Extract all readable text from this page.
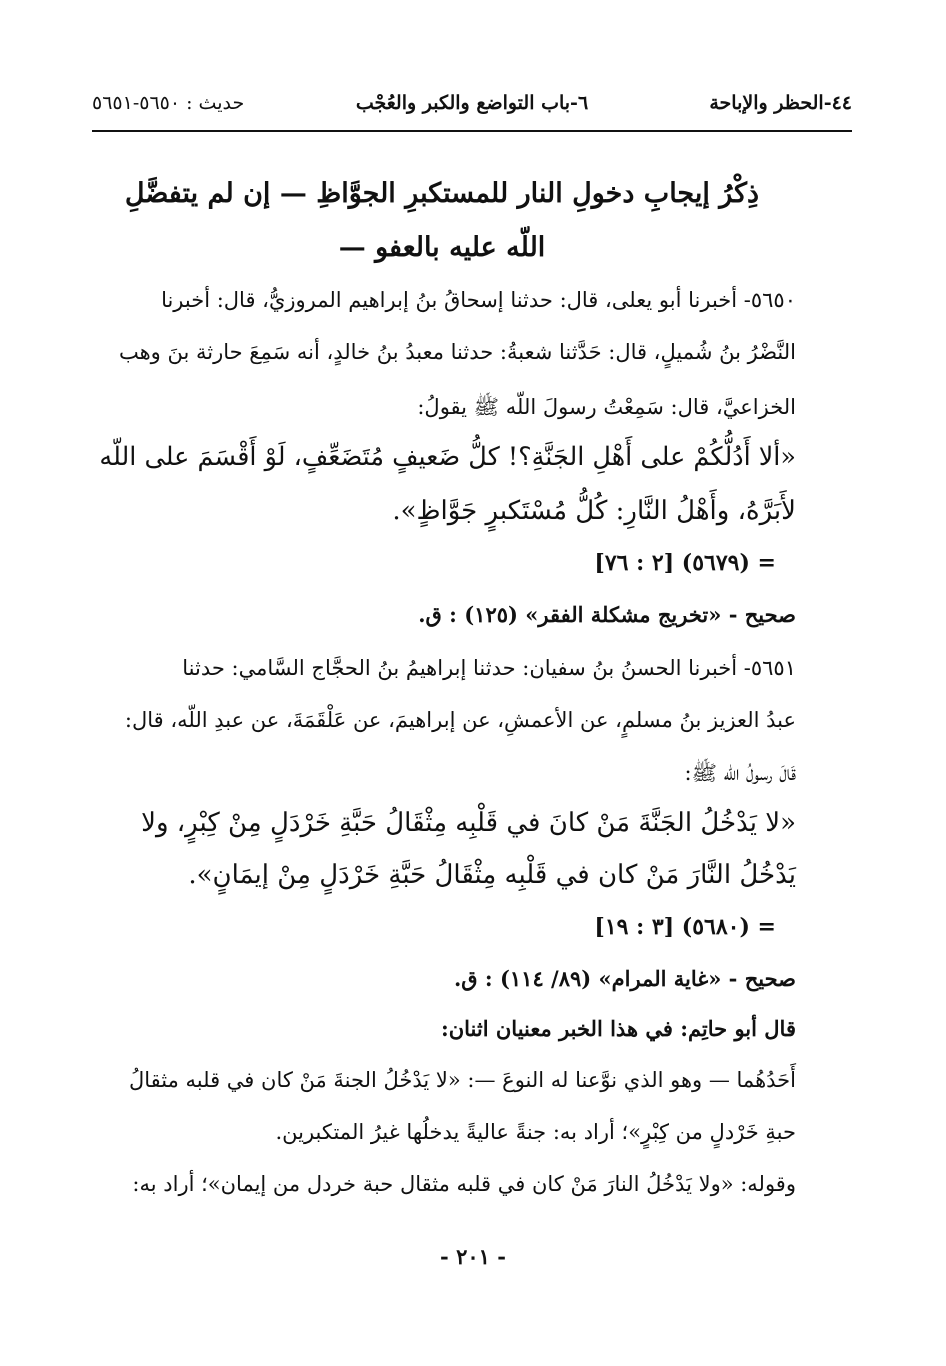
٤٤-الحظر والإباحة
٦-باب التواضع والكبر والعُجْب
حديث : ٥٦٥٠-٥٦٥١
ذِكْرُ إيجابِ دخولِ النار للمستكبرِ الجوَّاظِ — إن لم يتفضَّلِ
اللّه عليه بالعفو —
٥٦٥٠- أخبرنا أبو يعلى، قال: حدثنا إسحاقُ بنُ إبراهيم المروزيُّ، قال: أخبرنا
النَّضْرُ بنُ شُميلٍ، قال: حَدَّثنا شعبةُ: حدثنا معبدُ بنُ خالدٍ، أنه سَمِعَ حارثة بنَ وهب
الخزاعيَّ، قال: سَمِعْتُ رسولَ اللّه ﷺ يقولُ:
«ألا أَدُلُّكُمْ على أَهْلِ الجَنَّةِ؟! كلُّ ضَعيفٍ مُتَضَعِّفٍ، لَوْ أَقْسَمَ على اللّه
لأَبَرَّهُ، وأَهْلُ النَّارِ: كُلُّ مُسْتَكبرٍ جَوَّاظٍ».
= (٥٦٧٩) [٢ : ٧٦]
صحيح - «تخريج مشكلة الفقر» (١٢٥) : ق.
٥٦٥١- أخبرنا الحسنُ بنُ سفيان: حدثنا إبراهيمُ بنُ الحجَّاج السَّامي: حدثنا
عبدُ العزيز بنُ مسلمٍ، عن الأعمشِ، عن إبراهيمَ، عن عَلْقَمَةَ، عن عبدِ اللّه، قال:
قَالَ رسولُ اللّه ﷺ:
«لا يَدْخُلُ الجَنَّةَ مَنْ كانَ في قَلْبِه مِثْقَالُ حَبَّةِ خَرْدَلٍ مِنْ كِبْرٍ، ولا
يَدْخُلُ النَّارَ مَنْ كان في قَلْبِه مِثْقَالُ حَبَّةِ خَرْدَلٍ مِنْ إيمَانٍ».
= (٥٦٨٠) [٣ : ١٩]
صحيح - «غاية المرام» (٨٩/ ١١٤) : ق.
قال أبو حاتِم: في هذا الخبر معنيان اثنان:
أَحَدُهُما — وهو الذي نوَّعنا له النوعَ —: «لا يَدْخُلُ الجنةَ مَنْ كان في قلبه مثقالُ
حبةِ خَرْدلٍ من كِبْرٍ»؛ أراد به: جنةً عاليةً يدخلُها غيرُ المتكبرين.
وقوله: «ولا يَدْخُلُ النارَ مَنْ كان في قلبه مثقال حبة خردل من إيمان»؛ أراد به:
- ٢٠١ -
